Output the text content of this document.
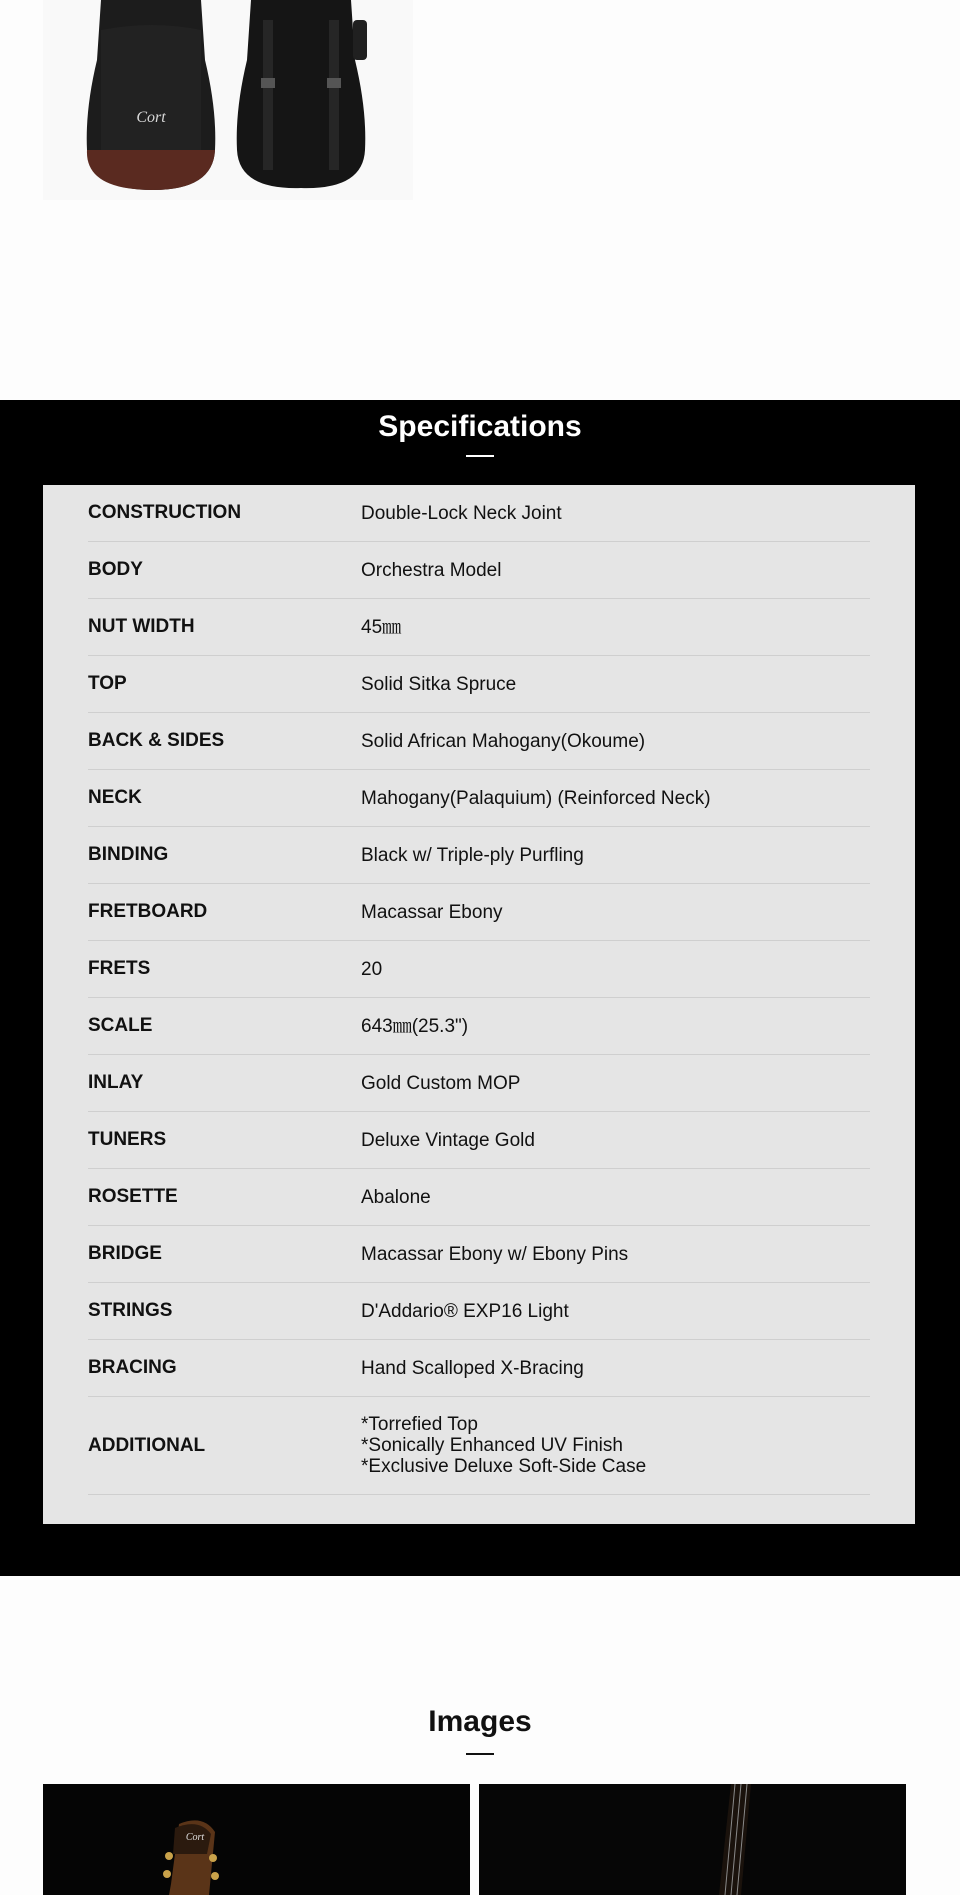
Cort
Specifications
CONSTRUCTION	Double-Lock Neck Joint
BODY	Orchestra Model
NUT WIDTH	45㎜
TOP	Solid Sitka Spruce
BACK & SIDES	Solid African Mahogany(Okoume)
NECK	Mahogany(Palaquium) (Reinforced Neck)
BINDING	Black w/ Triple-ply Purfling
FRETBOARD	Macassar Ebony
FRETS	20
SCALE	643㎜(25.3")
INLAY	Gold Custom MOP
TUNERS	Deluxe Vintage Gold
ROSETTE	Abalone
BRIDGE	Macassar Ebony w/ Ebony Pins
STRINGS	D'Addario® EXP16 Light
BRACING	Hand Scalloped X-Bracing
ADDITIONAL
*Torrefied Top
*Sonically Enhanced UV Finish
*Exclusive Deluxe Soft-Side Case
Images
Cort
